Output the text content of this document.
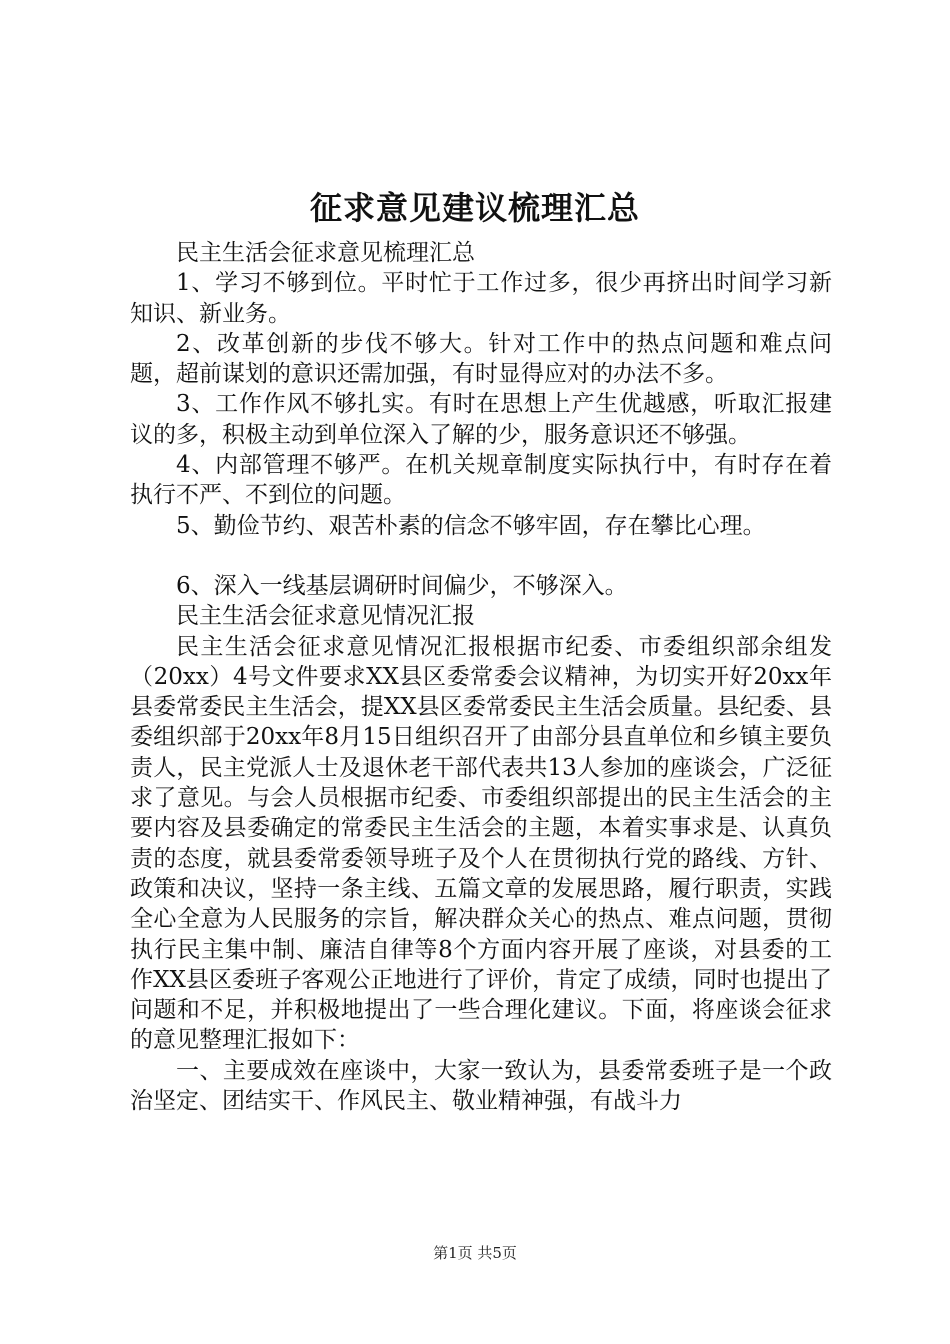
征求意见建议梳理汇总

民主生活会征求意见梳理汇总

1、学习不够到位。平时忙于工作过多，很少再挤出时间学习新知识、新业务。

2、改革创新的步伐不够大。针对工作中的热点问题和难点问题，超前谋划的意识还需加强，有时显得应对的办法不多。

3、工作作风不够扎实。有时在思想上产生优越感，听取汇报建议的多，积极主动到单位深入了解的少，服务意识还不够强。

4、内部管理不够严。在机关规章制度实际执行中，有时存在着执行不严、不到位的问题。

5、勤俭节约、艰苦朴素的信念不够牢固，存在攀比心理。

6、深入一线基层调研时间偏少，不够深入。

民主生活会征求意见情况汇报

民主生活会征求意见情况汇报根据市纪委、市委组织部余组发（20xx）4号文件要求XX县区委常委会议精神，为切实开好20xx年县委常委民主生活会，提XX县区委常委民主生活会质量。县纪委、县委组织部于20xx年8月15日组织召开了由部分县直单位和乡镇主要负责人，民主党派人士及退休老干部代表共13人参加的座谈会，广泛征求了意见。与会人员根据市纪委、市委组织部提出的民主生活会的主要内容及县委确定的常委民主生活会的主题，本着实事求是、认真负责的态度，就县委常委领导班子及个人在贯彻执行党的路线、方针、政策和决议，坚持一条主线、五篇文章的发展思路，履行职责，实践全心全意为人民服务的宗旨，解决群众关心的热点、难点问题，贯彻执行民主集中制、廉洁自律等8个方面内容开展了座谈，对县委的工作XX县区委班子客观公正地进行了评价，肯定了成绩，同时也提出了问题和不足，并积极地提出了一些合理化建议。下面，将座谈会征求的意见整理汇报如下：

一、主要成效在座谈中，大家一致认为，县委常委班子是一个政治坚定、团结实干、作风民主、敬业精神强，有战斗力

第1页 共5页
